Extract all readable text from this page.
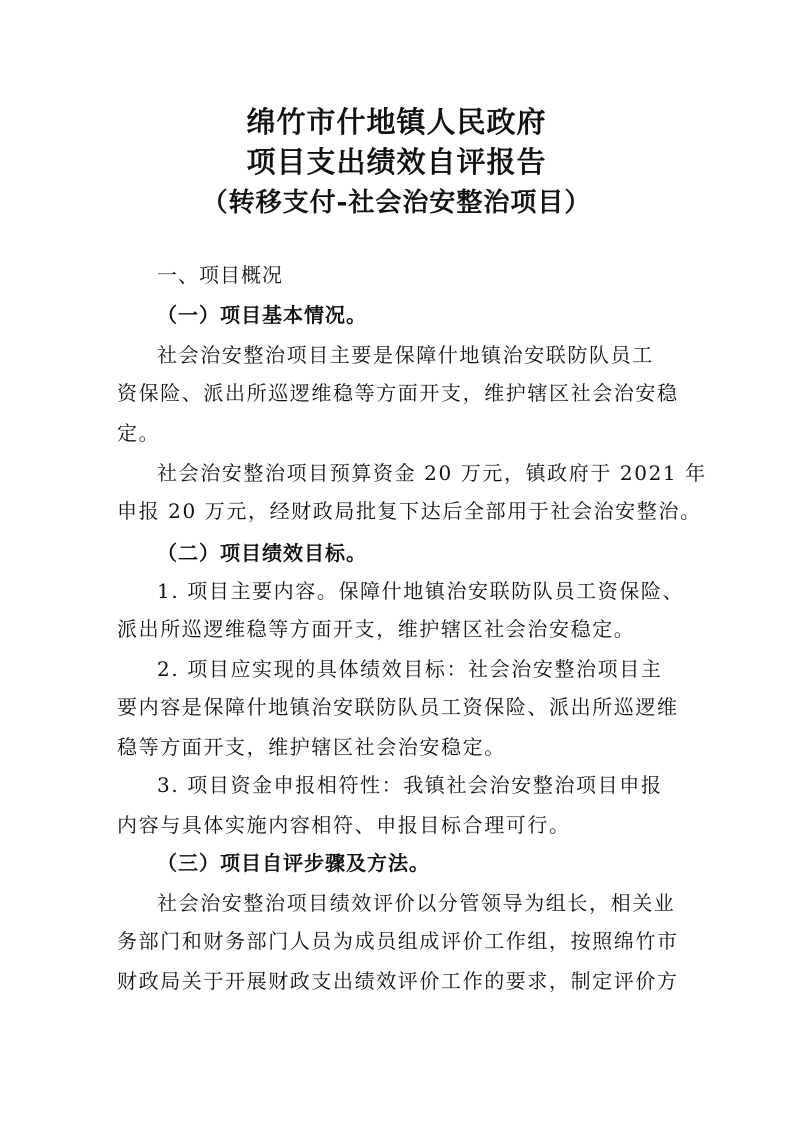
绵竹市什地镇人民政府
项目支出绩效自评报告
（转移支付-社会治安整治项目）
一、项目概况
（一）项目基本情况。
社会治安整治项目主要是保障什地镇治安联防队员工
资保险、派出所巡逻维稳等方面开支，维护辖区社会治安稳
定。
社会治安整治项目预算资金 20 万元，镇政府于 2021 年
申报 20 万元，经财政局批复下达后全部用于社会治安整治。
（二）项目绩效目标。
1. 项目主要内容。保障什地镇治安联防队员工资保险、
派出所巡逻维稳等方面开支，维护辖区社会治安稳定。
2. 项目应实现的具体绩效目标：社会治安整治项目主
要内容是保障什地镇治安联防队员工资保险、派出所巡逻维
稳等方面开支，维护辖区社会治安稳定。
3. 项目资金申报相符性：我镇社会治安整治项目申报
内容与具体实施内容相符、申报目标合理可行。
（三）项目自评步骤及方法。
社会治安整治项目绩效评价以分管领导为组长，相关业
务部门和财务部门人员为成员组成评价工作组，按照绵竹市
财政局关于开展财政支出绩效评价工作的要求，制定评价方
